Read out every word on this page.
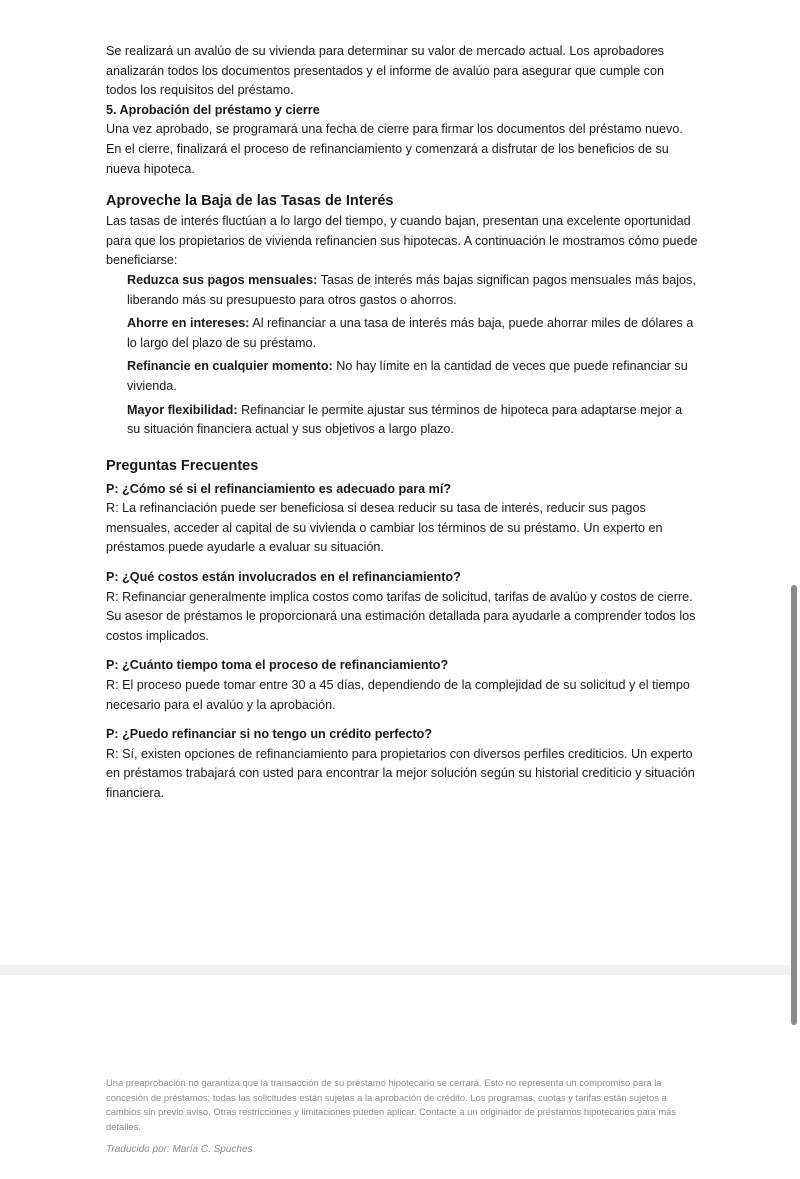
Se realizará un avalúo de su vivienda para determinar su valor de mercado actual. Los aprobadores analizarán todos los documentos presentados y el informe de avalúo para asegurar que cumple con todos los requisitos del préstamo.

5. Aprobación del préstamo y cierre

Una vez aprobado, se programará una fecha de cierre para firmar los documentos del préstamo nuevo. En el cierre, finalizará el proceso de refinanciamiento y comenzará a disfrutar de los beneficios de su nueva hipoteca.

Aproveche la Baja de las Tasas de Interés

Las tasas de interés fluctúan a lo largo del tiempo, y cuando bajan, presentan una excelente oportunidad para que los propietarios de vivienda refinancien sus hipotecas. A continuación le mostramos cómo puede beneficiarse:

Reduzca sus pagos mensuales: Tasas de interés más bajas significan pagos mensuales más bajos, liberando más su presupuesto para otros gastos o ahorros.
Ahorre en intereses: Al refinanciar a una tasa de interés más baja, puede ahorrar miles de dólares a lo largo del plazo de su préstamo.
Refinancie en cualquier momento: No hay límite en la cantidad de veces que puede refinanciar su vivienda.
Mayor flexibilidad: Refinanciar le permite ajustar sus términos de hipoteca para adaptarse mejor a su situación financiera actual y sus objetivos a largo plazo.
Preguntas Frecuentes

P: ¿Cómo sé si el refinanciamiento es adecuado para mí?

R: La refinanciación puede ser beneficiosa si desea reducir su tasa de interés, reducir sus pagos mensuales, acceder al capital de su vivienda o cambiar los términos de su préstamo. Un experto en préstamos puede ayudarle a evaluar su situación.

P: ¿Qué costos están involucrados en el refinanciamiento?

R: Refinanciar generalmente implica costos como tarifas de solicitud, tarifas de avalúo y costos de cierre. Su asesor de préstamos le proporcionará una estimación detallada para ayudarle a comprender todos los costos implicados.

P: ¿Cuánto tiempo toma el proceso de refinanciamiento?

R: El proceso puede tomar entre 30 a 45 días, dependiendo de la complejidad de su solicitud y el tiempo necesario para el avalúo y la aprobación.

P: ¿Puedo refinanciar si no tengo un crédito perfecto?

R: Sí, existen opciones de refinanciamiento para propietarios con diversos perfiles crediticios. Un experto en préstamos trabajará con usted para encontrar la mejor solución según su historial crediticio y situación financiera.

Una preaprobación no garantiza que la transacción de su préstamo hipotecario se cerrará. Esto no representa un compromiso para la concesión de préstamos; todas las solicitudes están sujetas a la aprobación de crédito. Los programas, cuotas y tarifas están sujetos a cambios sin previo aviso. Otras restricciones y limitaciones pueden aplicar. Contacte a un originador de préstamos hipotecarios para más detalles.

Traducido por: María C. Spuches
